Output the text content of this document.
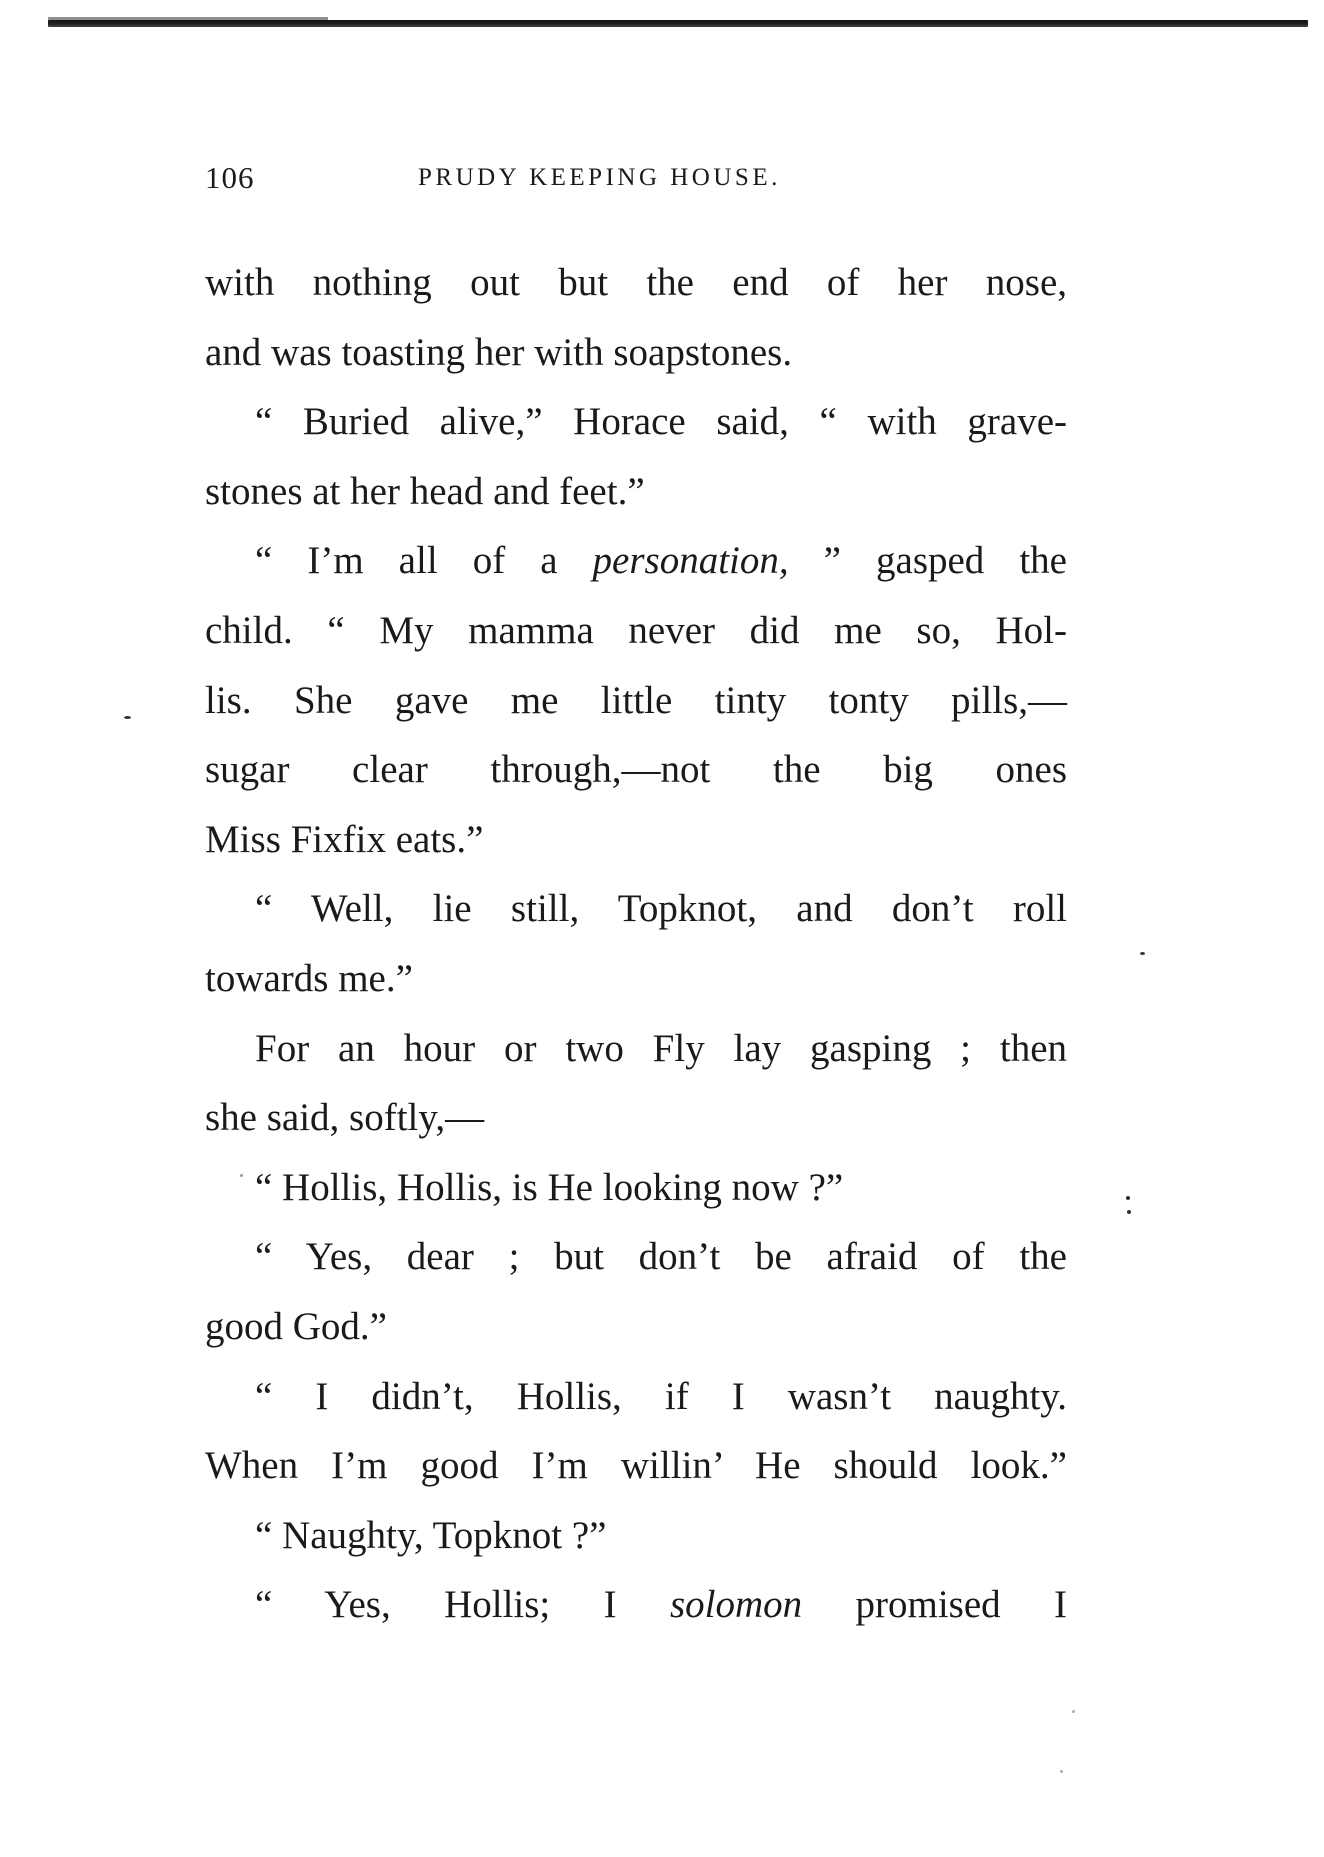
106	PRUDY KEEPING HOUSE.
with nothing out but the end of her nose,
and was toasting her with soapstones.
“ Buried alive,” Horace said, “ with grave-
stones at her head and feet.”
“ I’m all of a personation, ” gasped the
child. “ My mamma never did me so, Hol-
lis. She gave me little tinty tonty pills,—
sugar clear through,—not the big ones
Miss Fixfix eats.”
“ Well, lie still, Topknot, and don’t roll
towards me.”
For an hour or two Fly lay gasping ; then
she said, softly,—
“ Hollis, Hollis, is He looking now ?”
“ Yes, dear ; but don’t be afraid of the
good God.”
“ I didn’t, Hollis, if I wasn’t naughty.
When I’m good I’m willin’ He should look.”
“ Naughty, Topknot ?”
“ Yes, Hollis; I solomon promised I
